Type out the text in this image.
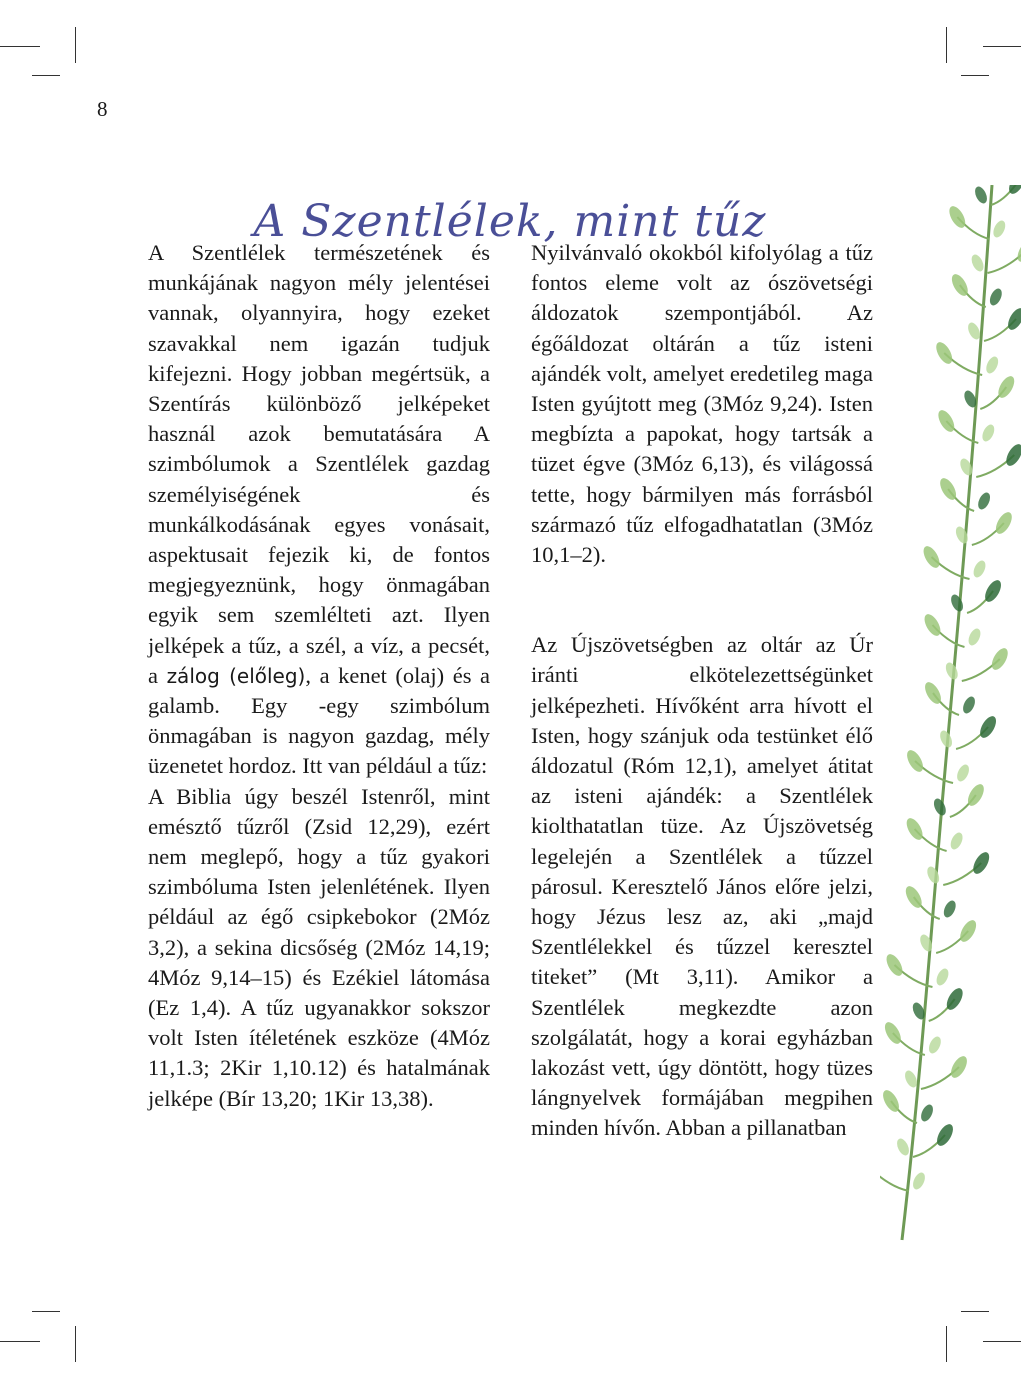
8
A Szentlélek, mint tűz

A Szentlélek természetének és munkájának nagyon mély jelentései vannak, olyannyira, hogy ezeket szavakkal nem igazán tudjuk kifejezni. Hogy jobban megértsük, a Szentírás különböző jelképeket használ azok bemutatására A szimbólumok a Szentlélek gazdag személyiségének és munkálkodásának egyes vonásait, aspektusait fejezik ki, de fontos megjegyeznünk, hogy önmagában egyik sem szemlélteti azt. Ilyen jelképek a tűz, a szél, a víz, a pecsét, a zálog (előleg), a kenet (olaj) és a galamb. Egy -egy szimbólum önmagában is nagyon gazdag, mély üzenetet hordoz. Itt van például a tűz:

A Biblia úgy beszél Istenről, mint emésztő tűzről (Zsid 12,29), ezért nem meglepő, hogy a tűz gyakori szimbóluma Isten jelenlétének. Ilyen például az égő csipkebokor (2Móz 3,2), a sekina dicsőség (2Móz 14,19; 4Móz 9,14–15) és Ezékiel látomása (Ez 1,4). A tűz ugyanakkor sokszor volt Isten ítéletének eszköze (4Móz 11,1.3; 2Kir 1,10.12) és hatalmának jelképe (Bír 13,20; 1Kir 13,38).

Nyilvánvaló okokból kifolyólag a tűz fontos eleme volt az ószövetségi áldozatok szempontjából. Az égőáldozat oltárán a tűz isteni ajándék volt, amelyet eredetileg maga Isten gyújtott meg (3Móz 9,24). Isten megbízta a papokat, hogy tartsák a tüzet égve (3Móz 6,13), és világossá tette, hogy bármilyen más forrásból származó tűz elfogadhatatlan (3Móz 10,1–2).

Az Újszövetségben az oltár az Úr iránti elkötelezettségünket jelképezheti. Hívőként arra hívott el Isten, hogy szánjuk oda testünket élő áldozatul (Róm 12,1), amelyet átitat az isteni ajándék: a Szentlélek kiolthatatlan tüze. Az Újszövetség legelején a Szentlélek a tűzzel párosul. Keresztelő János előre jelzi, hogy Jézus lesz az, aki „majd Szentlélekkel és tűzzel keresztel titeket” (Mt 3,11). Amikor a Szentlélek megkezdte azon szolgálatát, hogy a korai egyházban lakozást vett, úgy döntött, hogy tüzes lángnyelvek formájában megpihen minden hívőn. Abban a pillanatban
